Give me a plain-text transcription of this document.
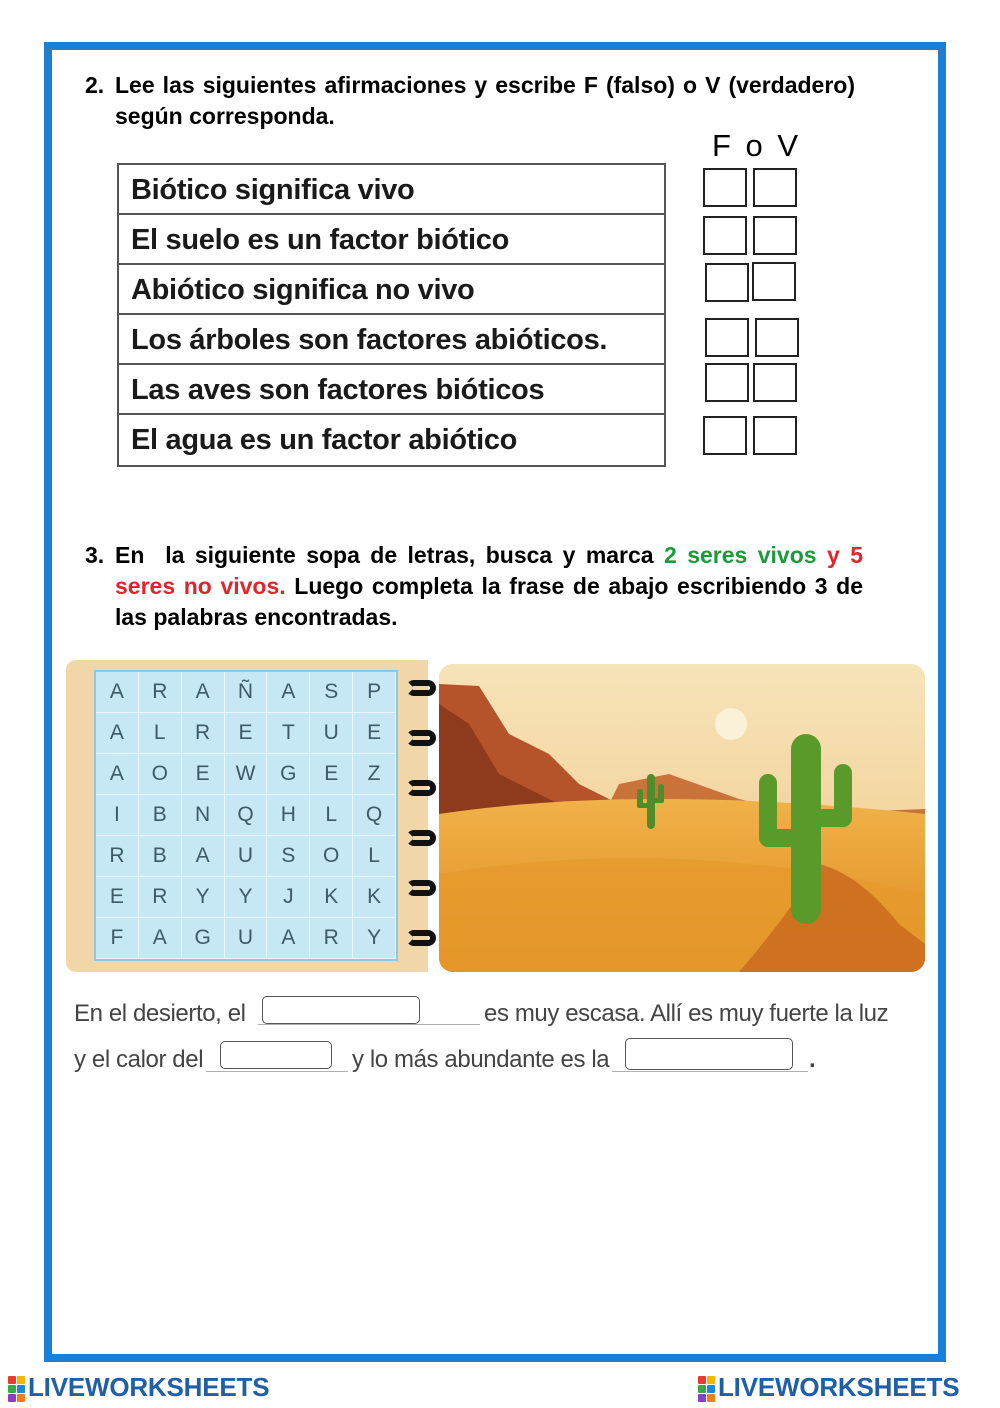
2. Lee las siguientes afirmaciones y escribe F (falso) o V (verdadero) según corresponda.
F o V
Biótico significa vivo
El suelo es un factor biótico
Abiótico significa no vivo
Los árboles son factores abióticos.
Las aves son factores bióticos
El agua es un factor abiótico
3. En  la siguiente sopa de letras, busca y marca 2 seres vivos y 5 seres no vivos. Luego completa la frase de abajo escribiendo 3 de las palabras encontradas.
A	R	A	Ñ	A	S	P
A	L	R	E	T	U	E
A	O	E	W	G	E	Z
I	B	N	Q	H	L	Q
R	B	A	U	S	O	L
E	R	Y	Y	J	K	K
F	A	G	U	A	R	Y
En el desierto, el	es muy escasa. Allí es muy fuerte la luz
y el calor del	y lo más abundante es la	.
LIVEWORKSHEETS	LIVEWORKSHEETS
